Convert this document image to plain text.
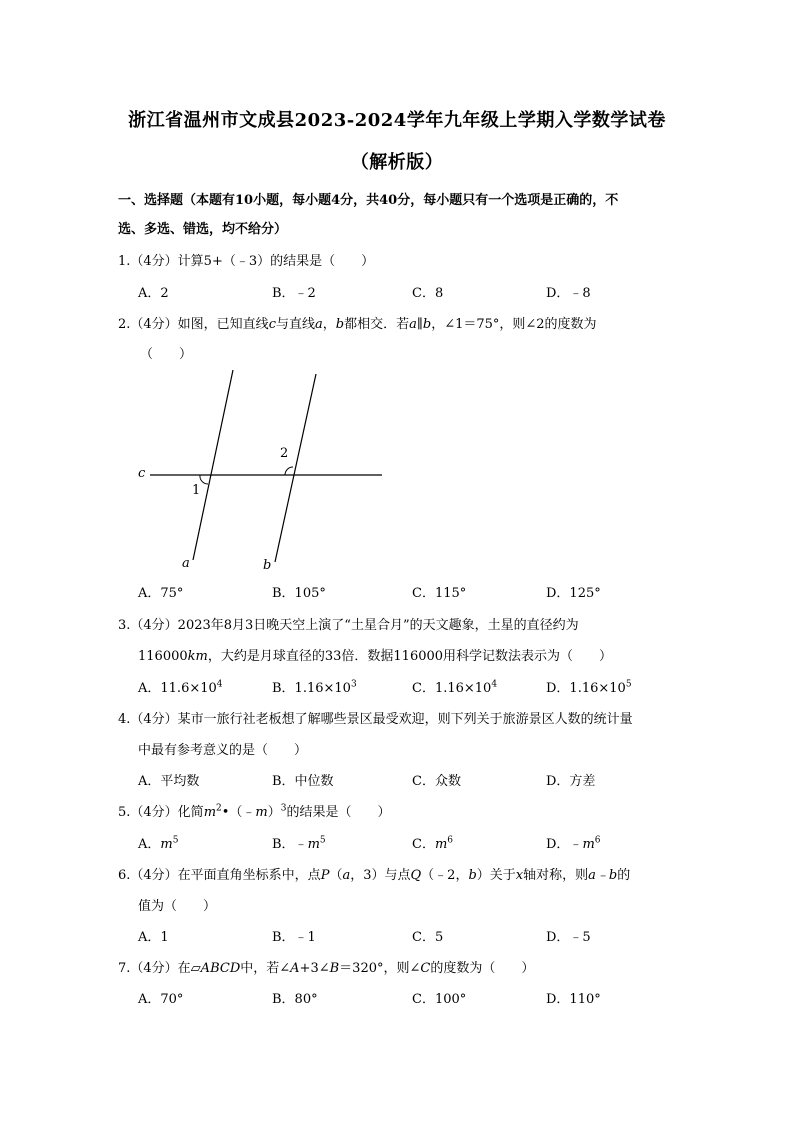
浙江省温州市文成县2023-2024学年九年级上学期入学数学试卷
（解析版）
一、选择题（本题有10小题，每小题4分，共40分，每小题只有一个选项是正确的，不
选、多选、错选，均不给分）
1.（4分）计算5+（﹣3）的结果是（　　）
A．2	B．﹣2	C．8	D．﹣8
2.（4分）如图，已知直线c与直线a，b都相交．若a∥b，∠1＝75°，则∠2的度数为
（　　）
c
1
2
a	b
A．75°	B．105°	C．115°	D．125°
3.（4分）2023年8月3日晚天空上演了“土星合月”的天文趣象，土星的直径约为
116000km，大约是月球直径的33倍．数据116000用科学记数法表示为（　　）
A．$11.6\times 10^4$	B．$1.16\times 10^3$	C．$1.16\times 10^4$	D．$1.16\times 10^5$
4.（4分）某市一旅行社老板想了解哪些景区最受欢迎，则下列关于旅游景区人数的统计量
中最有参考意义的是（　　）
A．平均数	B．中位数	C．众数	D．方差
5.（4分）化简$m^2•(﹣m)^3$的结果是（　　）
A．$m^5$	B．$﹣m^5$	C．$m^6$	D．$﹣m^6$
6.（4分）在平面直角坐标系中，点P（a，3）与点Q（﹣2，b）关于x轴对称，则a﹣b的
值为（　　）
A．1	B．﹣1	C．5	D．﹣5
7.（4分）在▱ABCD中，若∠A+3∠B＝320°，则∠C的度数为（　　）
A．70°	B．80°	C．100°	D．110°
